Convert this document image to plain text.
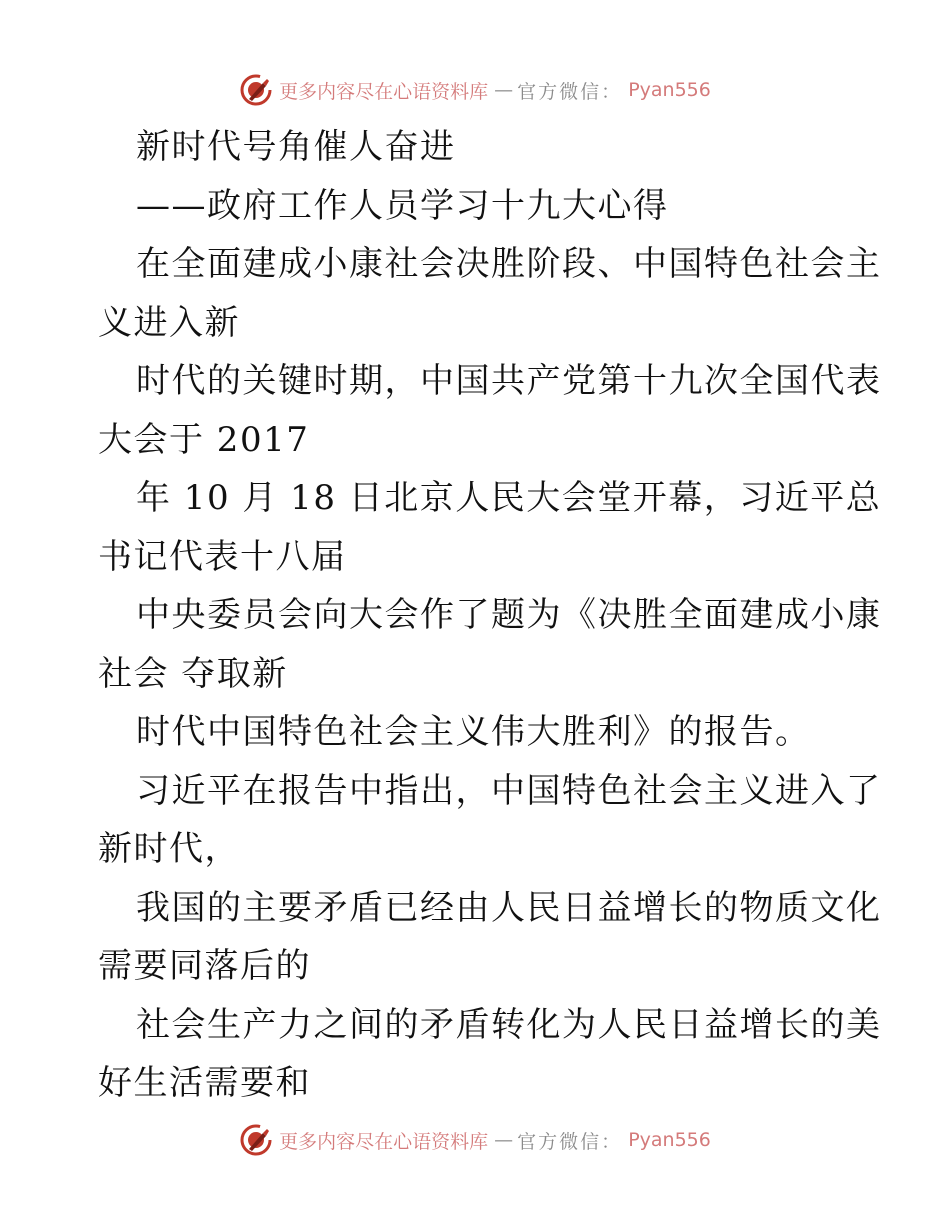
更多内容尽在心语资料库 — 官方微信： Pyan556
新时代号角催人奋进
——政府工作人员学习十九大心得
在全面建成小康社会决胜阶段、中国特色社会主
义进入新
时代的关键时期，中国共产党第十九次全国代表
大会于 2017
年 10 月 18 日北京人民大会堂开幕，习近平总
书记代表十八届
中央委员会向大会作了题为《决胜全面建成小康
社会 夺取新
时代中国特色社会主义伟大胜利》的报告。
习近平在报告中指出，中国特色社会主义进入了
新时代，
我国的主要矛盾已经由人民日益增长的物质文化
需要同落后的
社会生产力之间的矛盾转化为人民日益增长的美
好生活需要和
更多内容尽在心语资料库 — 官方微信： Pyan556
